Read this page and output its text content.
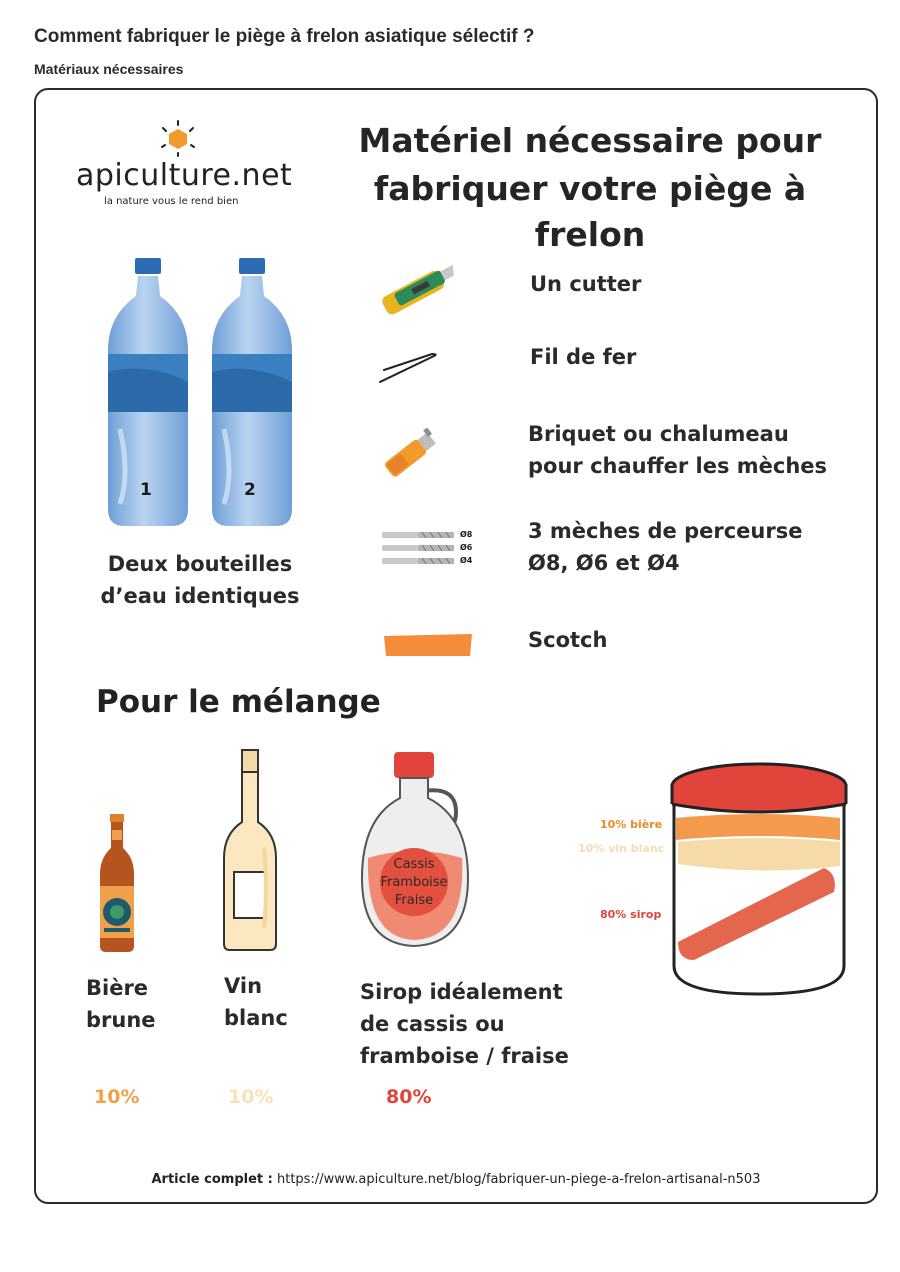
Comment fabriquer le piège à frelon asiatique sélectif ?
Matériaux nécessaires
apiculture.net
la nature vous le rend bien
Matériel nécessaire pour
fabriquer votre piège à frelon
1	2
Deux bouteilles
d’eau identiques
Un cutter
Fil de fer
Briquet ou chalumeau
pour chauffer les mèches
Ø8
Ø6
Ø4
3 mèches de perceurse
Ø8, Ø6 et Ø4
Scotch
Pour le mélange
Bière
brune
10%
Vin
blanc
10%
Cassis
Framboise
Fraise
Sirop idéalement
de cassis ou
framboise / fraise
80%
10% bière
10% vin blanc
80% sirop
Article complet : https://www.apiculture.net/blog/fabriquer-un-piege-a-frelon-artisanal-n503
